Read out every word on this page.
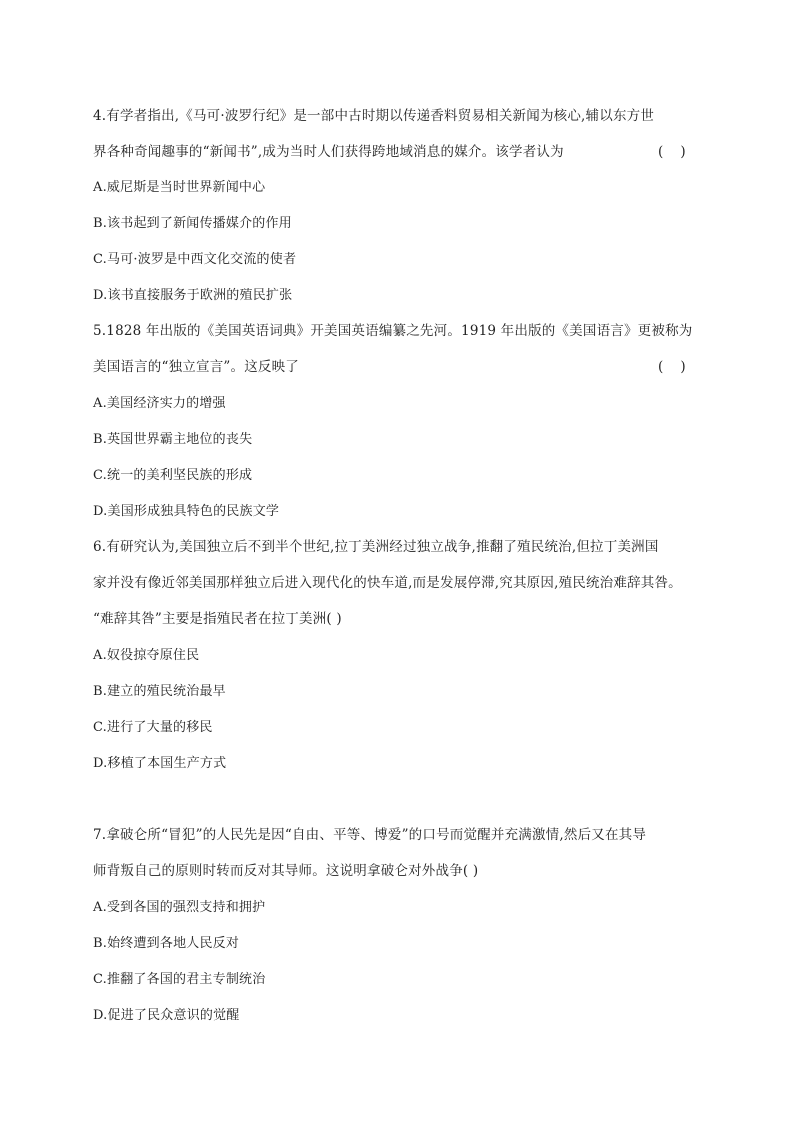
4.有学者指出,《马可·波罗行纪》是一部中古时期以传递香料贸易相关新闻为核心,辅以东方世
界各种奇闻趣事的“新闻书”,成为当时人们获得跨地域消息的媒介。该学者认为	(    )
A.威尼斯是当时世界新闻中心
B.该书起到了新闻传播媒介的作用
C.马可·波罗是中西文化交流的使者
D.该书直接服务于欧洲的殖民扩张
5.1828 年出版的《美国英语词典》开美国英语编纂之先河。1919 年出版的《美国语言》更被称为
美国语言的“独立宣言”。这反映了	(    )
A.美国经济实力的增强
B.英国世界霸主地位的丧失
C.统一的美利坚民族的形成
D.美国形成独具特色的民族文学
6.有研究认为,美国独立后不到半个世纪,拉丁美洲经过独立战争,推翻了殖民统治,但拉丁美洲国
家并没有像近邻美国那样独立后进入现代化的快车道,而是发展停滞,究其原因,殖民统治难辞其咎。
“难辞其咎”主要是指殖民者在拉丁美洲( )
A.奴役掠夺原住民
B.建立的殖民统治最早
C.进行了大量的移民
D.移植了本国生产方式
7.拿破仑所“冒犯”的人民先是因“自由、平等、博爱”的口号而觉醒并充满激情,然后又在其导
师背叛自己的原则时转而反对其导师。这说明拿破仑对外战争( )
A.受到各国的强烈支持和拥护
B.始终遭到各地人民反对
C.推翻了各国的君主专制统治
D.促进了民众意识的觉醒
